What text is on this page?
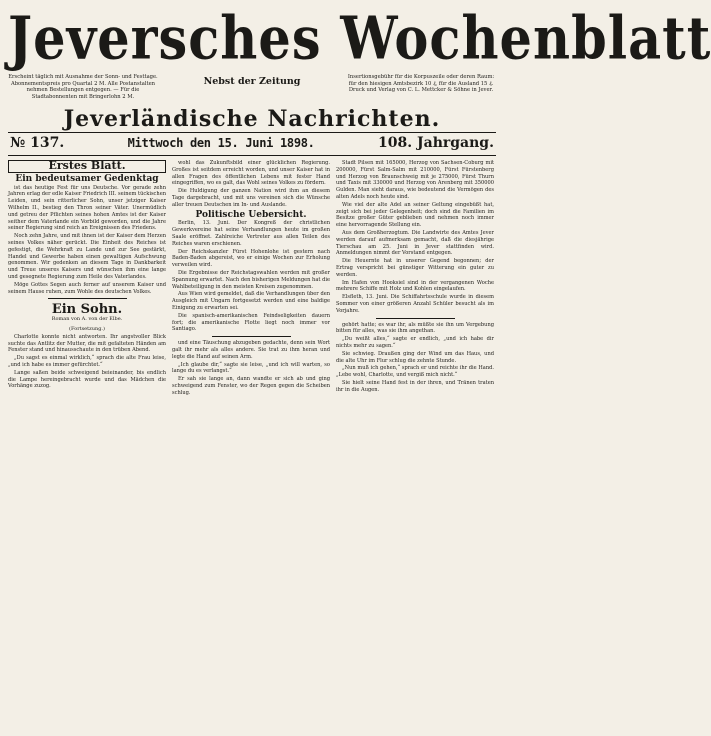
Jeversches Wochenblatt
Erscheint täglich mit Ausnahme der Sonn- und Festtage. Abonnementspreis pro Quartal 2 M. Alle Postanstalten nehmen Bestellungen entgegen. — Für die Stadtabonnenten mit Bringerlohn 2 M.
Nebst der Zeitung	Insertionsgebühr für die Korpuszeile oder deren Raum: für den hiesigen Amtsbezirk 10 ₰, für die Ausland 15 ₰. Druck und Verlag von C. L. Mettcker & Söhne in Jever.
Jeverländische Nachrichten.
№ 137.	Mittwoch den 15. Juni 1898.	108. Jahrgang.
Erstes Blatt.
Ein bedeutsamer Gedenktag

ist das heutige Fest für uns Deutsche. Vor gerade zehn Jahren erlag der edle Kaiser Friedrich III. seinem tückischen Leiden, und sein ritterlicher Sohn, unser jetziger Kaiser Wilhelm II., bestieg den Thron seiner Väter. Unermüdlich und getreu der Pflichten seines hohen Amtes ist der Kaiser seither dem Vaterlande ein Vorbild geworden, und die Jahre seiner Regierung sind reich an Ereignissen des Friedens.

Noch zehn Jahre, und mit ihnen ist der Kaiser dem Herzen seines Volkes näher gerückt. Die Einheit des Reiches ist gefestigt, die Wehrkraft zu Lande und zur See gestärkt, Handel und Gewerbe haben einen gewaltigen Aufschwung genommen. Wir gedenken an diesem Tage in Dankbarkeit und Treue unseres Kaisers und wünschen ihm eine lange und gesegnete Regierung zum Heile des Vaterlandes.

Möge Gottes Segen auch ferner auf unserem Kaiser und seinem Hause ruhen, zum Wohle des deutschen Volkes.

Ein Sohn.
Roman von A. von der Elbe.
(Fortsetzung.)

Charlotte konnte nicht antworten. Ihr angstvoller Blick suchte das Antlitz der Mutter, die mit gefalteten Händen am Fenster stand und hinausschaute in den trüben Abend.

„Du sagst es einmal wirklich,“ sprach die alte Frau leise, „und ich habe es immer gefürchtet.“

Lange saßen beide schweigend beieinander, bis endlich die Lampe hereingebracht wurde und das Mädchen die Vorhänge zuzog.

wohl das Zukunftsbild einer glücklichen Regierung. Großes ist seitdem erreicht worden, und unser Kaiser hat in allen Fragen des öffentlichen Lebens mit fester Hand eingegriffen, wo es galt, das Wohl seines Volkes zu fördern.

Die Huldigung der ganzen Nation wird ihm an diesem Tage dargebracht, und mit uns vereinen sich die Wünsche aller treuen Deutschen im In- und Auslande.

Politische Uebersicht.

Berlin, 13. Juni. Der Kongreß der christlichen Gewerkvereine hat seine Verhandlungen heute im großen Saale eröffnet. Zahlreiche Vertreter aus allen Teilen des Reiches waren erschienen.

Der Reichskanzler Fürst Hohenlohe ist gestern nach Baden-Baden abgereist, wo er einige Wochen zur Erholung verweilen wird.

Die Ergebnisse der Reichstagswahlen werden mit großer Spannung erwartet. Nach den bisherigen Meldungen hat die Wahlbeteiligung in den meisten Kreisen zugenommen.

Aus Wien wird gemeldet, daß die Verhandlungen über den Ausgleich mit Ungarn fortgesetzt werden und eine baldige Einigung zu erwarten sei.

Die spanisch-amerikanischen Feindseligkeiten dauern fort; die amerikanische Flotte liegt noch immer vor Santiago.

und eine Täuschung abzugeben gedachte, denn sein Wort galt ihr mehr als alles andere. Sie trat zu ihm heran und legte die Hand auf seinen Arm.

„Ich glaube dir,“ sagte sie leise, „und ich will warten, so lange du es verlangst.“

Er sah sie lange an, dann wandte er sich ab und ging schweigend zum Fenster, wo der Regen gegen die Scheiben schlug.

Stadt Pilsen mit 165000, Herzog von Sachsen-Coburg mit 200000, Fürst Salm-Salm mit 210000, Fürst Fürstenberg und Herzog von Braunschweig mit je 275000, Fürst Thurn und Taxis mit 330000 und Herzog von Arenberg mit 350000 Gulden. Man sieht daraus, wie bedeutend die Vermögen des alten Adels noch heute sind.

Wie viel der alte Adel an seiner Geltung eingebüßt hat, zeigt sich bei jeder Gelegenheit; doch sind die Familien im Besitze großer Güter geblieben und nehmen noch immer eine hervorragende Stellung ein.

Aus dem Großherzogtum. Die Landwirte des Amtes Jever werden darauf aufmerksam gemacht, daß die diesjährige Tierschau am 25. Juni in Jever stattfinden wird. Anmeldungen nimmt der Vorstand entgegen.

Die Heuernte hat in unserer Gegend begonnen; der Ertrag verspricht bei günstiger Witterung ein guter zu werden.

Im Hafen von Hooksiel sind in der vergangenen Woche mehrere Schiffe mit Holz und Kohlen eingelaufen.

Elsfleth, 13. Juni. Die Schiffahrtsschule wurde in diesem Sommer von einer größeren Anzahl Schüler besucht als im Vorjahre.

gehört hatte; es war ihr, als müßte sie ihn um Vergebung bitten für alles, was sie ihm angethan.

„Du weißt alles,“ sagte er endlich, „und ich habe dir nichts mehr zu sagen.“

Sie schwieg. Draußen ging der Wind um das Haus, und die alte Uhr im Flur schlug die zehnte Stunde.

„Nun muß ich gehen,“ sprach er und reichte ihr die Hand. „Lebe wohl, Charlotte, und vergiß mich nicht.“

Sie hielt seine Hand fest in der ihren, und Tränen traten ihr in die Augen.
